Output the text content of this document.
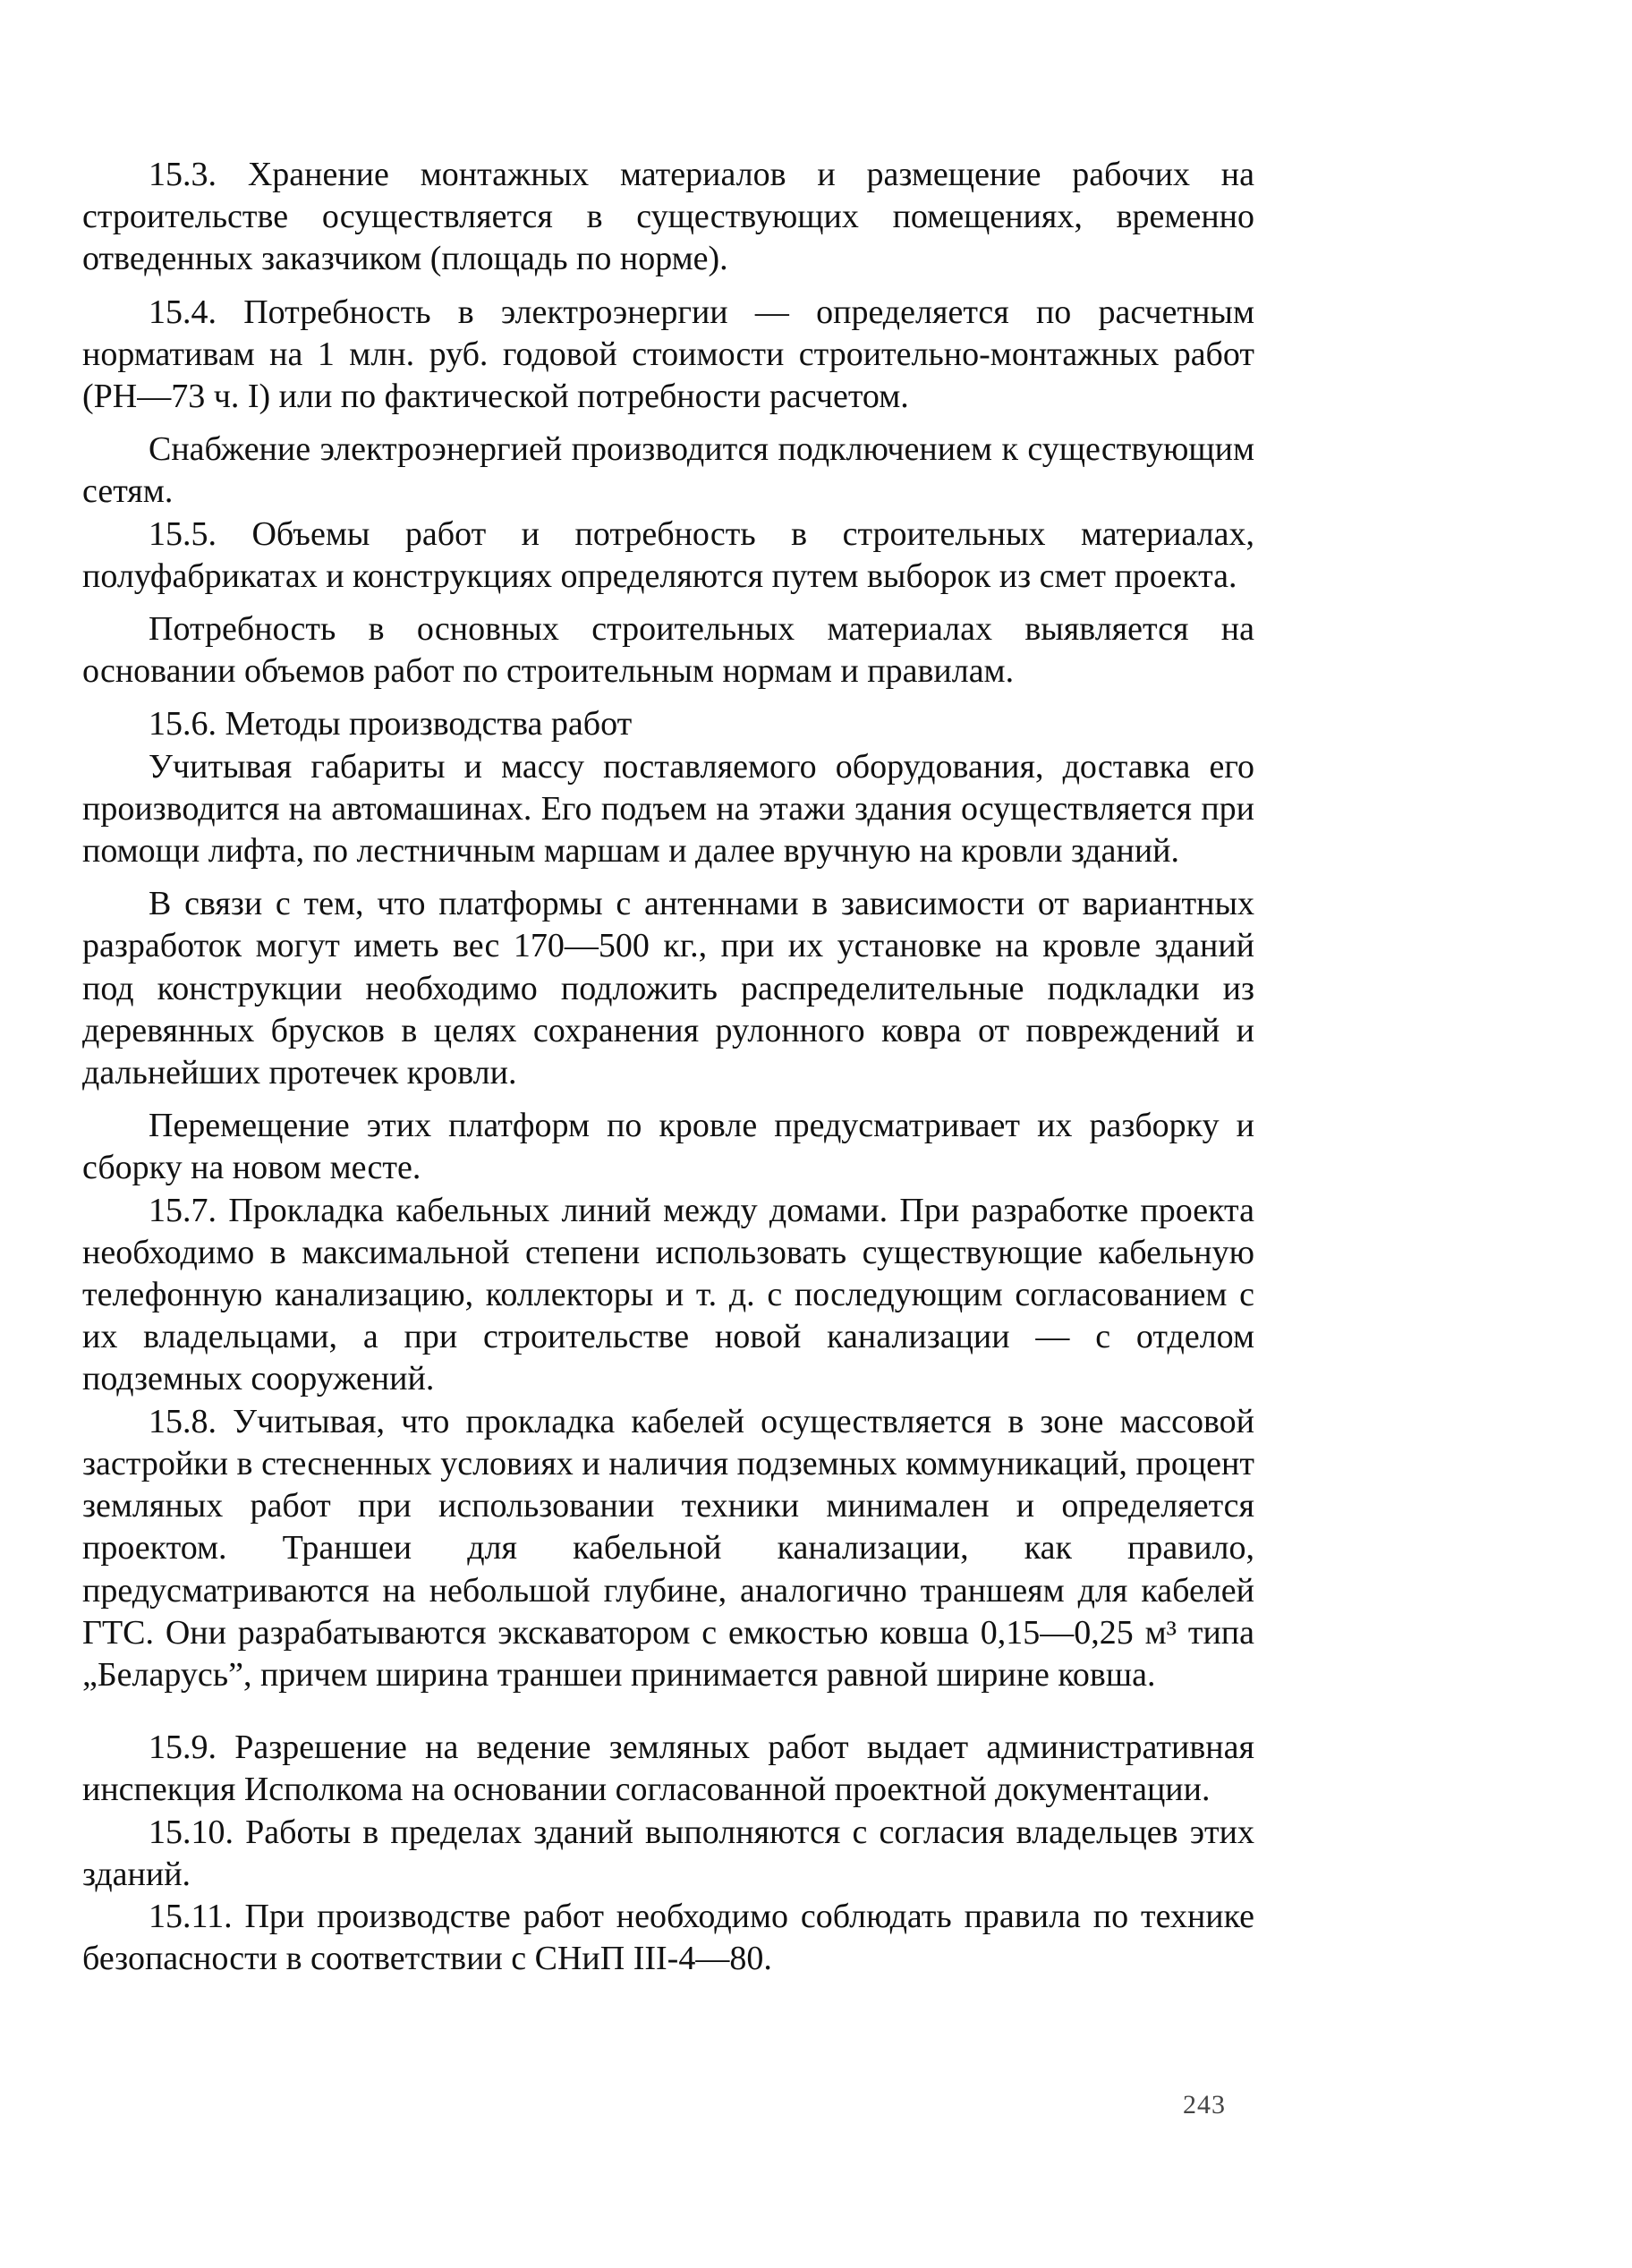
15.3. Хранение монтажных материалов и размещение рабочих на строительстве осуществляется в существующих помещениях, временно отведенных заказчиком (площадь по норме).

15.4. Потребность в электроэнергии — определяется по расчетным нормативам на 1 млн. руб. годовой стоимости строительно-монтажных работ (РН—73 ч. I) или по фактической потребности расчетом.

Снабжение электроэнергией производится подключением к существующим сетям.

15.5. Объемы работ и потребность в строительных материалах, полуфабрикатах и конструкциях определяются путем выборок из смет проекта.

Потребность в основных строительных материалах выявляется на основании объемов работ по строительным нормам и правилам.

15.6. Методы производства работ

Учитывая габариты и массу поставляемого оборудования, доставка его производится на автомашинах. Его подъем на этажи здания осуществляется при помощи лифта, по лестничным маршам и далее вручную на кровли зданий.

В связи с тем, что платформы с антеннами в зависимости от вариантных разработок могут иметь вес 170—500 кг., при их установке на кровле зданий под конструкции необходимо подложить распределительные подкладки из деревянных брусков в целях сохранения рулонного ковра от повреждений и дальнейших протечек кровли.

Перемещение этих платформ по кровле предусматривает их разборку и сборку на новом месте.

15.7. Прокладка кабельных линий между домами. При разработке проекта необходимо в максимальной степени использовать существующие кабельную телефонную канализацию, коллекторы и т. д. с последующим согласованием с их владельцами, а при строительстве новой канализации — с отделом подземных сооружений.

15.8. Учитывая, что прокладка кабелей осуществляется в зоне массовой застройки в стесненных условиях и наличия подземных коммуникаций, процент земляных работ при использовании техники минимален и определяется проектом. Траншеи для кабельной канализации, как правило, предусматриваются на небольшой глубине, аналогично траншеям для кабелей ГТС. Они разрабатываются экскаватором с емкостью ковша 0,15—0,25 м³ типа „Беларусь”, причем ширина траншеи принимается равной ширине ковша.

15.9. Разрешение на ведение земляных работ выдает административная инспекция Исполкома на основании согласованной проектной документации.

15.10. Работы в пределах зданий выполняются с согласия владельцев этих зданий.

15.11. При производстве работ необходимо соблюдать правила по технике безопасности в соответствии с СНиП III-4—80.

243
